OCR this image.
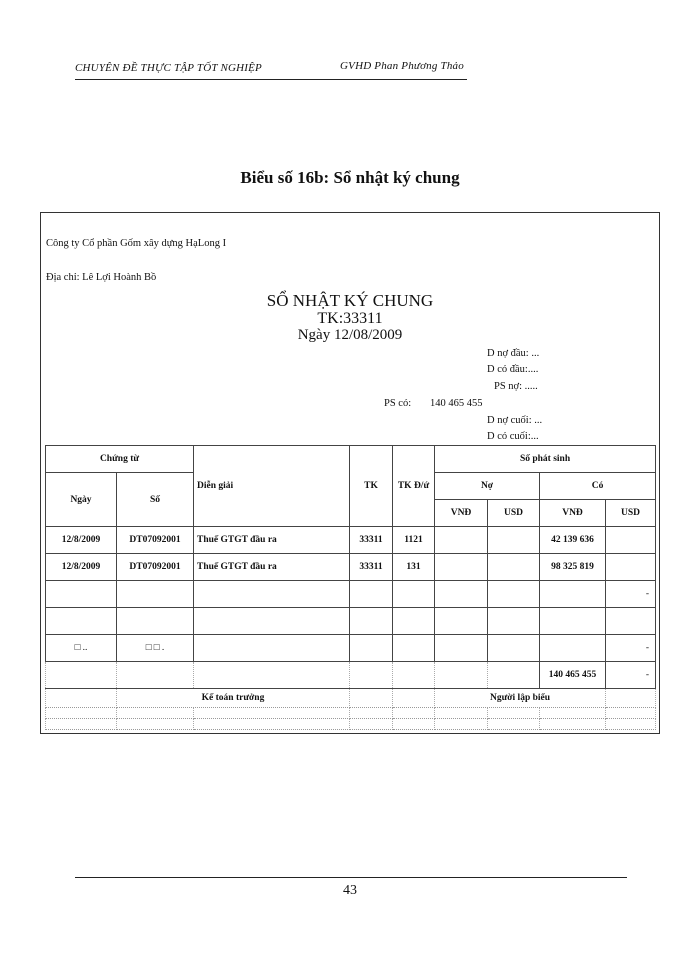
CHUYÊN ĐỀ THỰC TẬP TỐT NGHIỆP	GVHD Phan Phương Thảo
Biểu số 16b: Sổ nhật ký chung
Công ty Cổ phần Gốm xây dựng HạLong I
Địa chỉ: Lê Lợi Hoành Bồ
SỔ NHẬT KÝ CHUNG
TK:33311
Ngày 12/08/2009
D nợ đầu: ...
D có đầu:....
PS nợ: .....
PS có: 140 465 455
D nợ cuối: ...
D có cuối:...
Chứng từ		Diễn giải	TK	TK Đ/ứ	Số phát sinh			
Ngày	Số				Nợ		Có	
					VNĐ	USD	VNĐ	USD
12/8/2009	DT07092001	Thuế GTGT đầu ra	33311	1121			42 139 636	
12/8/2009	DT07092001	Thuế GTGT đầu ra	33311	131			98 325 819	
								-

□ ..	□ □ .							-
							140 465 455	-
	Kế toán trưởng				Người lập biểu			

43
